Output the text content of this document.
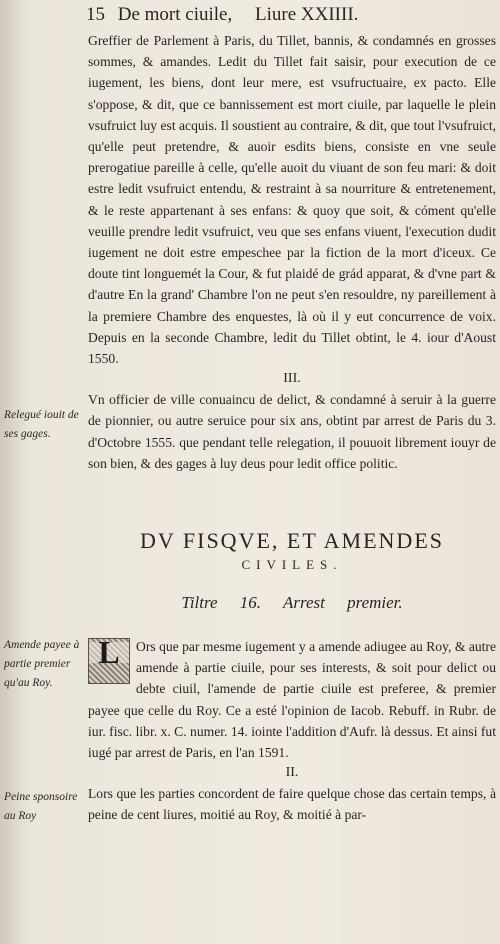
15 De mort ciuile, Liure XXIIII.

Greffier de Parlement à Paris, du Tillet, bannis, & condamnés en grosses sommes, & amandes. Ledit du Tillet fait saisir, pour execution de ce iugement, les biens, dont leur mere, est vsufructuaire, ex pacto. Elle s'oppose, & dit, que ce bannissement est mort ciuile, par laquelle le plein vsufruict luy est acquis. Il soustient au contraire, & dit, que tout l'vsufruict, qu'elle peut pretendre, & auoir esdits biens, consiste en vne seule prerogatiue pareille à celle, qu'elle auoit du viuant de son feu mari: & doit estre ledit vsufruict entendu, & restraint à sa nourriture & entretenement, & le reste appartenant à ses enfans: & quoy que soit, & cóment qu'elle veuille prendre ledit vsufruict, veu que ses enfans viuent, l'execution dudit iugement ne doit estre empeschee par la fiction de la mort d'iceux. Ce doute tint longuemét la Cour, & fut plaidé de grád apparat, & d'vne part & d'autre En la grand' Chambre l'on ne peut s'en resouldre, ny pareillement à la premiere Chambre des enquestes, là où il y eut concurrence de voix. Depuis en la seconde Chambre, ledit du Tillet obtint, le 4. iour d'Aoust 1550.

III.

Vn officier de ville conuaincu de delict, & condamné à seruir à la guerre de pionnier, ou autre seruice pour six ans, obtint par arrest de Paris du 3. d'Octobre 1555. que pendant telle relegation, il pouuoit librement iouyr de son bien, & des gages à luy deus pour ledit office politic.

Relegué iouit de ses gages.
DV FISQVE, ET AMENDES
CIVILES.
Tiltre 16. Arrest premier.
Amende payee à partie premier qu'au Roy.
L	Ors que par mesme iugement y a amende adiugee au Roy, & autre amende à partie ciuile, pour ses interests, & soit pour delict ou debte ciuil, l'amende de partie ciuile est preferee, & premier payee que celle du Roy. Ce a esté l'opinion de Iacob. Rebuff. in Rubr. de iur. fisc. libr. x. C. numer. 14. iointe l'addition d'Aufr. là dessus. Et ainsi fut iugé par arrest de Paris, en l'an 1591.

II.

Lors que les parties concordent de faire quelque chose das certain temps, à peine de cent liures, moitié au Roy, & moitié à par-

Peine sponsoire au Roy
